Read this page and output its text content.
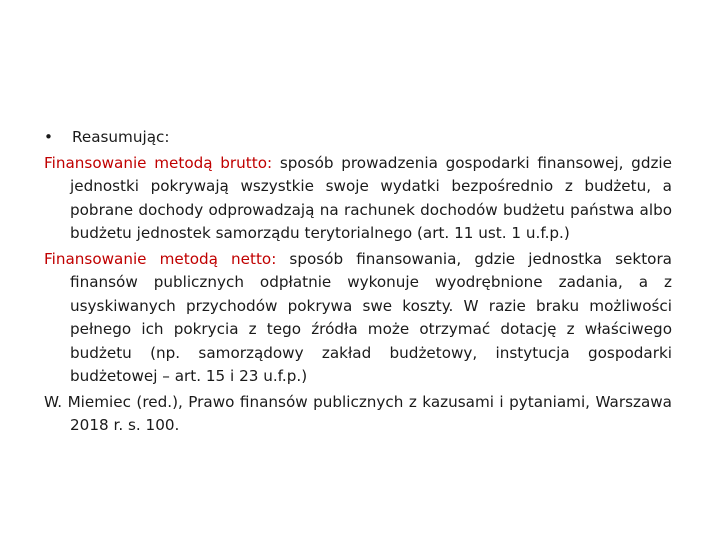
•	Reasumując:

Finansowanie metodą brutto: sposób prowadzenia gospodarki finansowej, gdzie jednostki pokrywają wszystkie swoje wydatki bezpośrednio z budżetu, a pobrane dochody odprowadzają na rachunek dochodów budżetu państwa albo budżetu jednostek samorządu terytorialnego (art. 11 ust. 1 u.f.p.)

Finansowanie metodą netto: sposób finansowania, gdzie jednostka sektora finansów publicznych odpłatnie wykonuje wyodrębnione zadania, a z usyskiwanych przychodów pokrywa swe koszty. W razie braku możliwości pełnego ich pokrycia z tego źródła może otrzymać dotację z właściwego budżetu (np. samorządowy zakład budżetowy, instytucja gospodarki budżetowej – art. 15 i 23 u.f.p.)

W. Miemiec (red.), Prawo finansów publicznych z kazusami i pytaniami, Warszawa 2018 r. s. 100.
